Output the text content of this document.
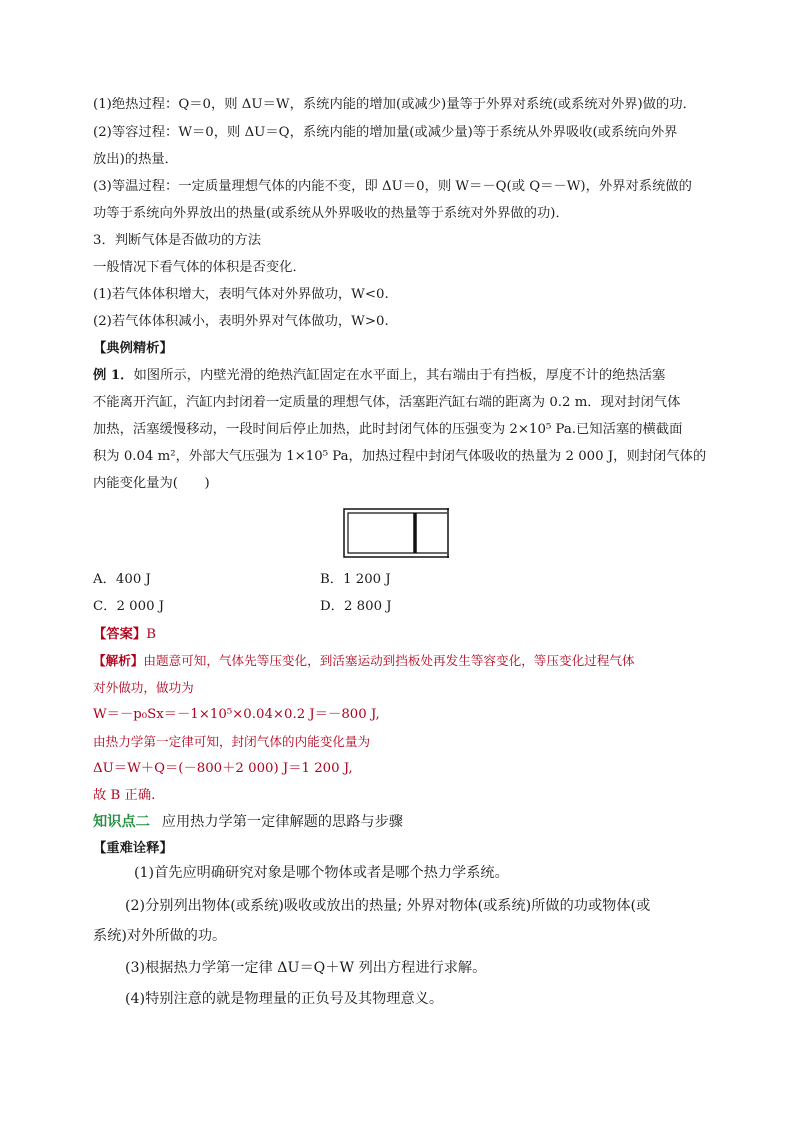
(1)绝热过程：Q＝0，则 ΔU＝W，系统内能的增加(或减少)量等于外界对系统(或系统对外界)做的功．
(2)等容过程：W＝0，则 ΔU＝Q，系统内能的增加量(或减少量)等于系统从外界吸收(或系统向外界
放出)的热量．
(3)等温过程：一定质量理想气体的内能不变，即 ΔU＝0，则 W＝－Q(或 Q＝－W)，外界对系统做的
功等于系统向外界放出的热量(或系统从外界吸收的热量等于系统对外界做的功)．
3．判断气体是否做功的方法
一般情况下看气体的体积是否变化．
(1)若气体体积增大，表明气体对外界做功，W<0.
(2)若气体体积减小，表明外界对气体做功，W>0.
【典例精析】
例 1．如图所示，内壁光滑的绝热汽缸固定在水平面上，其右端由于有挡板，厚度不计的绝热活塞
不能离开汽缸，汽缸内封闭着一定质量的理想气体，活塞距汽缸右端的距离为 0.2 m．现对封闭气体
加热，活塞缓慢移动，一段时间后停止加热，此时封闭气体的压强变为 2×10⁵ Pa.已知活塞的横截面
积为 0.04 m²，外部大气压强为 1×10⁵ Pa，加热过程中封闭气体吸收的热量为 2 000 J，则封闭气体的
内能变化量为(　　)
A．400 J	B．1 200 J
C．2 000 J	D．2 800 J
【答案】B
【解析】由题意可知，气体先等压变化，到活塞运动到挡板处再发生等容变化，等压变化过程气体
对外做功，做功为
W＝－p₀Sx＝－1×10⁵×0.04×0.2 J＝－800 J,
由热力学第一定律可知，封闭气体的内能变化量为
ΔU＝W＋Q＝(－800＋2 000) J＝1 200 J,
故 B 正确.
知识点二 应用热力学第一定律解题的思路与步骤
【重难诠释】
(1)首先应明确研究对象是哪个物体或者是哪个热力学系统。
(2)分别列出物体(或系统)吸收或放出的热量; 外界对物体(或系统)所做的功或物体(或
系统)对外所做的功。
(3)根据热力学第一定律 ΔU＝Q＋W 列出方程进行求解。
(4)特别注意的就是物理量的正负号及其物理意义。
